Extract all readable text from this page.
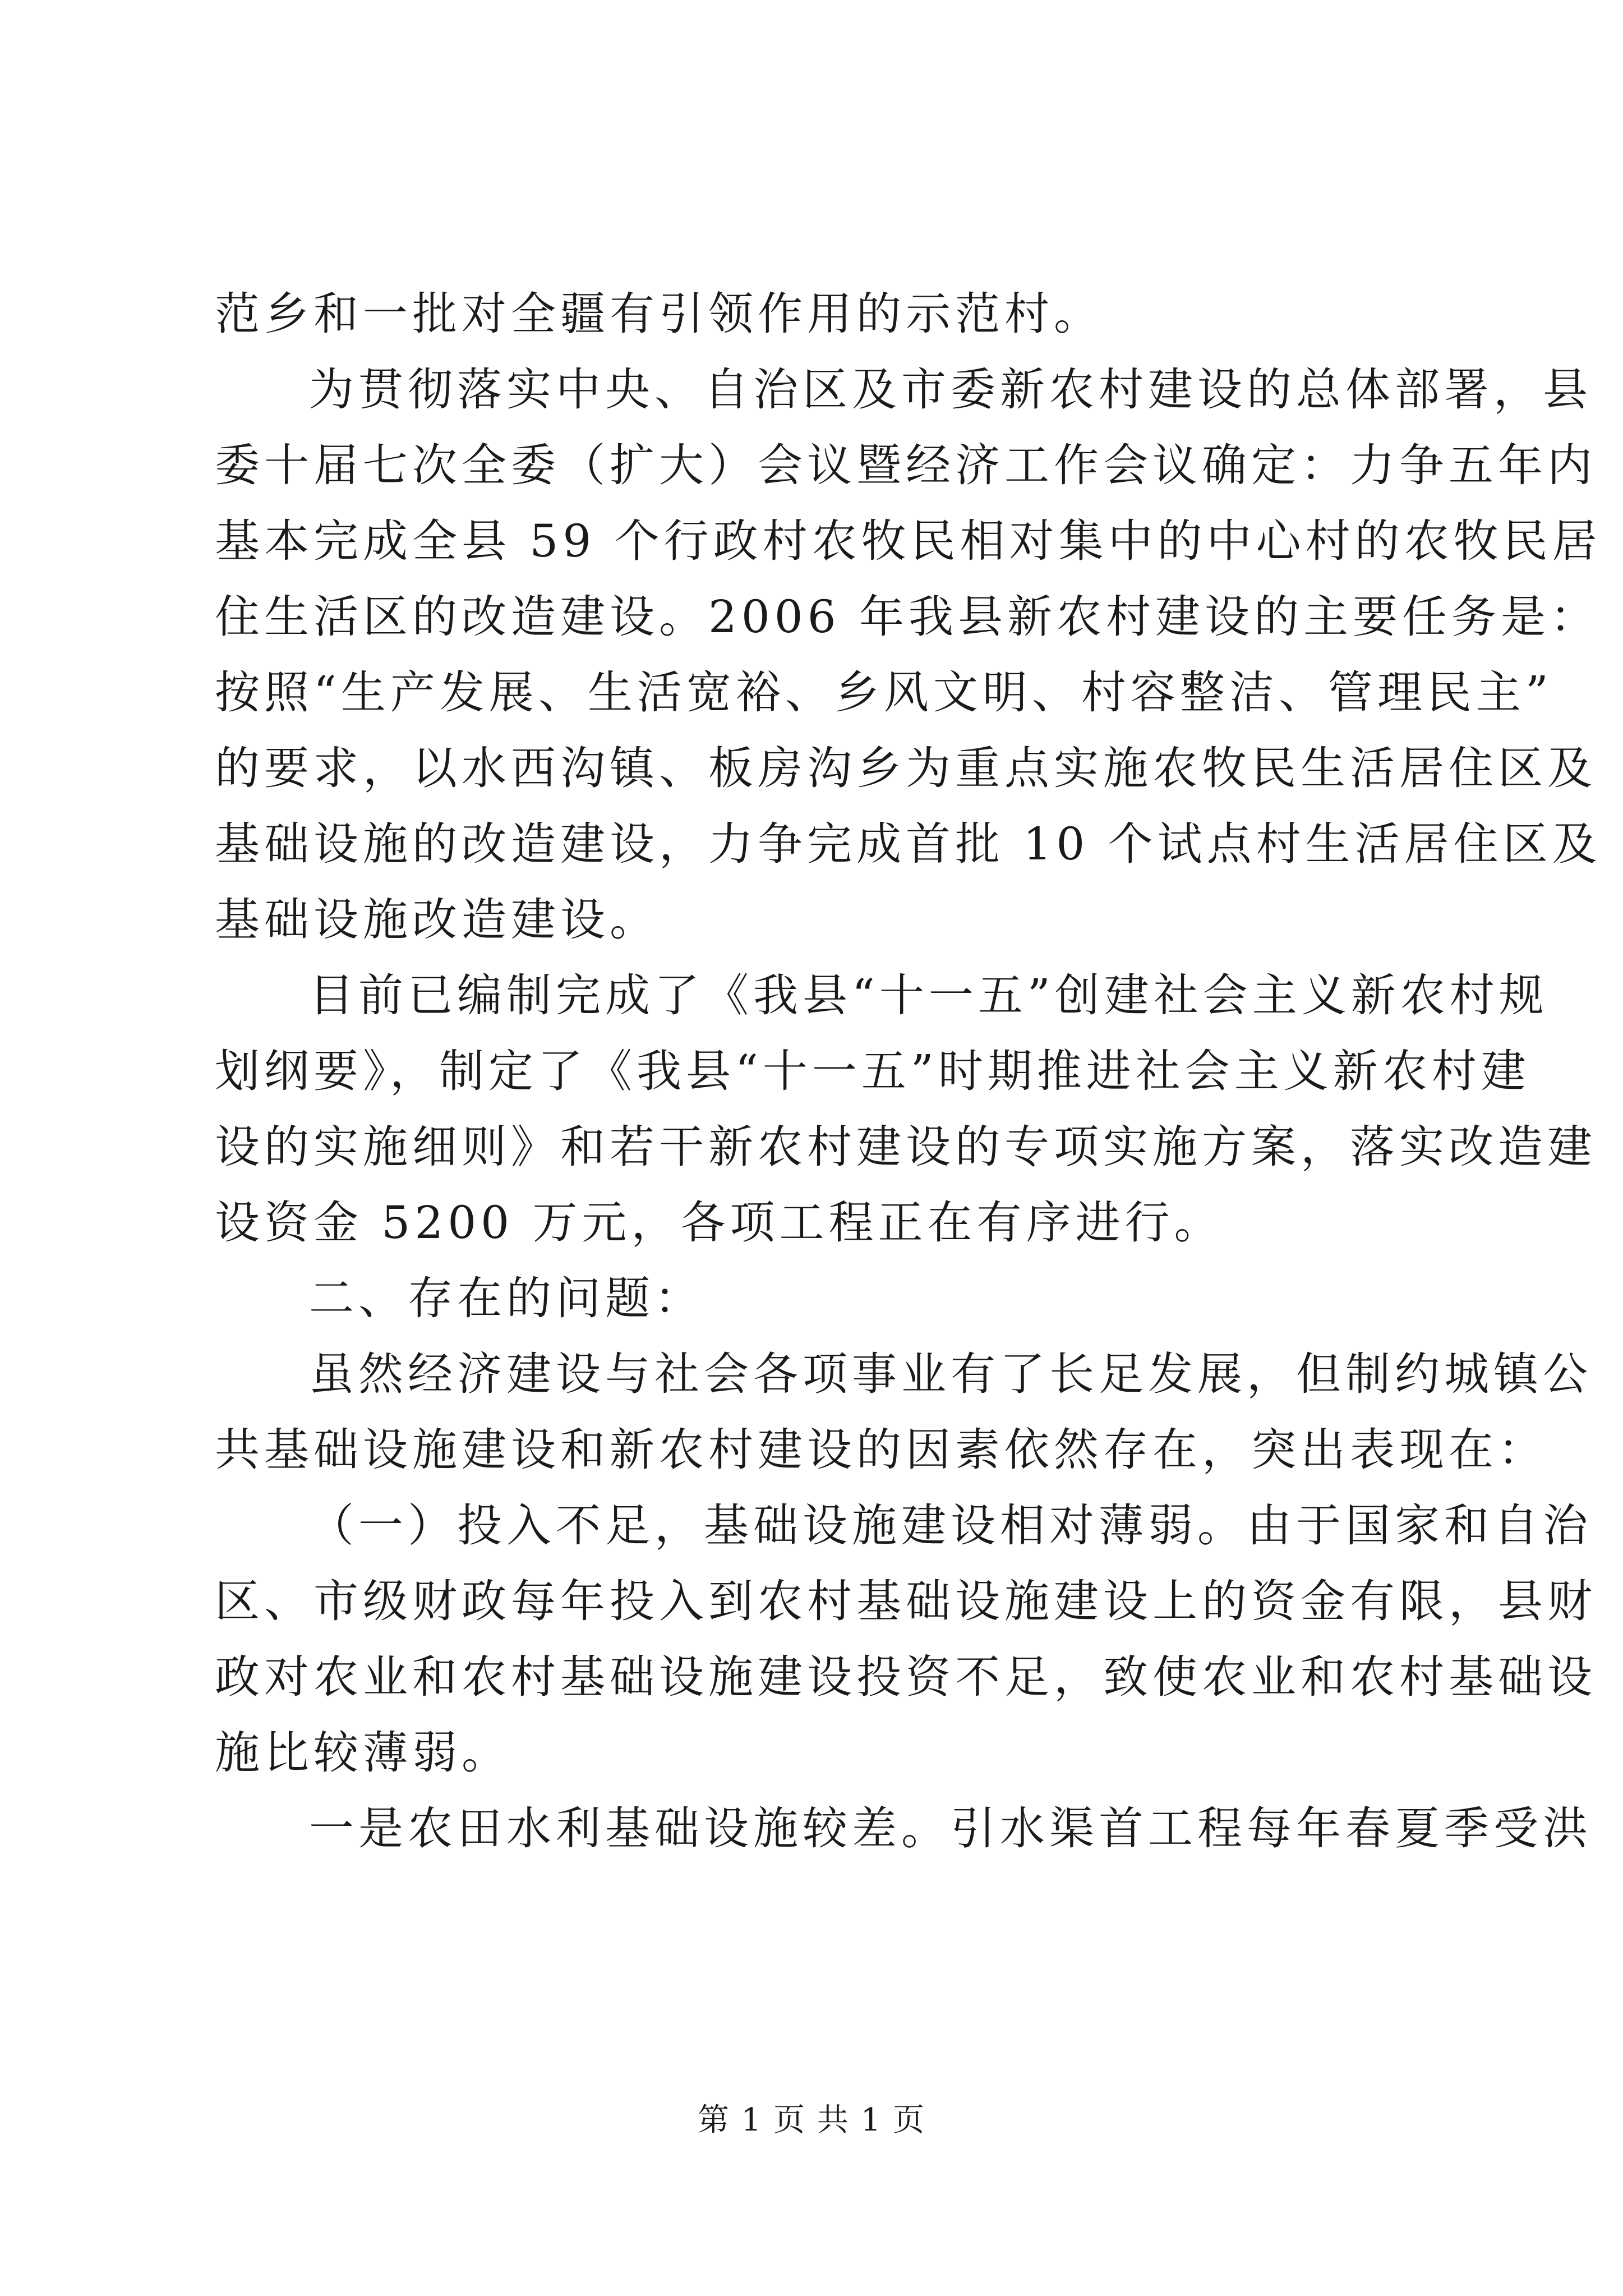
范乡和一批对全疆有引领作用的示范村。
为贯彻落实中央、自治区及市委新农村建设的总体部署，县
委十届七次全委（扩大）会议暨经济工作会议确定：力争五年内
基本完成全县 59 个行政村农牧民相对集中的中心村的农牧民居
住生活区的改造建设。2006 年我县新农村建设的主要任务是：
按照“生产发展、生活宽裕、乡风文明、村容整洁、管理民主”
的要求，以水西沟镇、板房沟乡为重点实施农牧民生活居住区及
基础设施的改造建设，力争完成首批 10 个试点村生活居住区及
基础设施改造建设。
目前已编制完成了《我县“十一五”创建社会主义新农村规
划纲要》，制定了《我县“十一五”时期推进社会主义新农村建
设的实施细则》和若干新农村建设的专项实施方案，落实改造建
设资金 5200 万元，各项工程正在有序进行。
二、存在的问题：
虽然经济建设与社会各项事业有了长足发展，但制约城镇公
共基础设施建设和新农村建设的因素依然存在，突出表现在：
（一）投入不足，基础设施建设相对薄弱。由于国家和自治
区、市级财政每年投入到农村基础设施建设上的资金有限，县财
政对农业和农村基础设施建设投资不足，致使农业和农村基础设
施比较薄弱。
一是农田水利基础设施较差。引水渠首工程每年春夏季受洪
第 1 页 共 1 页
